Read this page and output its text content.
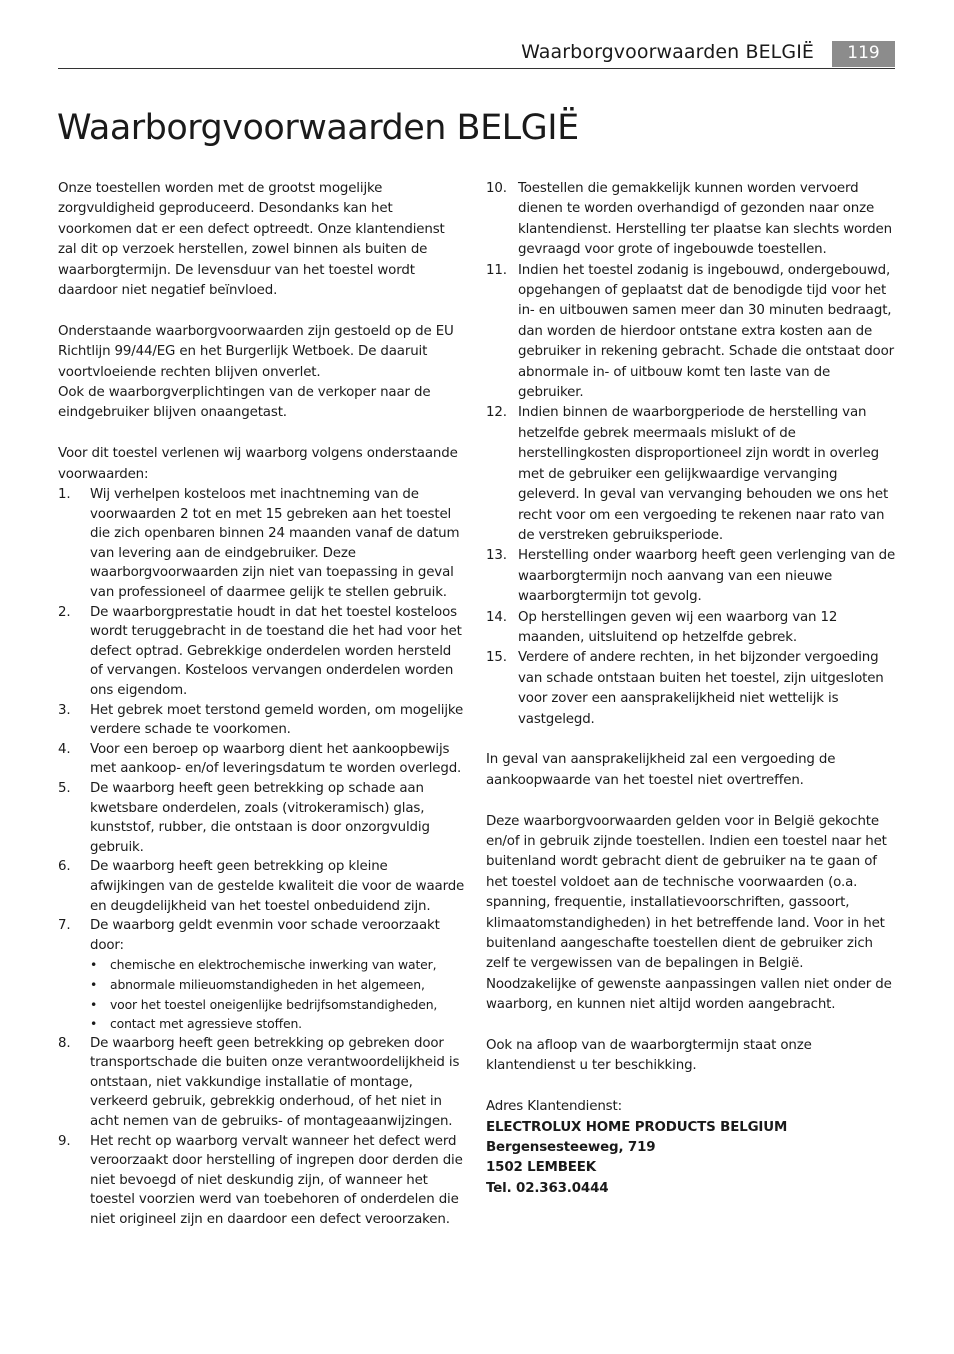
Waarborgvoorwaarden BELGIË	119
Waarborgvoorwaarden BELGIË

Onze toestellen worden met de grootst mogelijke zorgvuldigheid geproduceerd. Desondanks kan het voorkomen dat er een defect optreedt. Onze klantendienst zal dit op verzoek herstellen, zowel binnen als buiten de waarborgtermijn. De levensduur van het toestel wordt daardoor niet negatief beïnvloed.

Onderstaande waarborgvoorwaarden zijn gestoeld op de EU Richtlijn 99/44/EG en het Burgerlijk Wetboek. De daaruit voortvloeiende rechten blijven onverlet.

Ook de waarborgverplichtingen van de verkoper naar de eindgebruiker blijven onaangetast.

Voor dit toestel verlenen wij waarborg volgens onderstaande voorwaarden:

1. Wij verhelpen kosteloos met inachtneming van de voorwaarden 2 tot en met 15 gebreken aan het toestel die zich openbaren binnen 24 maanden vanaf de datum van levering aan de eindgebruiker. Deze waarborgvoorwaarden zijn niet van toepassing in geval van professioneel of daarmee gelijk te stellen gebruik.
2. De waarborgprestatie houdt in dat het toestel kosteloos wordt teruggebracht in de toestand die het had voor het defect optrad. Gebrekkige onderdelen worden hersteld of vervangen. Kosteloos vervangen onderdelen worden ons eigendom.
3. Het gebrek moet terstond gemeld worden, om mogelijke verdere schade te voorkomen.
4. Voor een beroep op waarborg dient het aankoopbewijs met aankoop- en/of leveringsdatum te worden overlegd.
5. De waarborg heeft geen betrekking op schade aan kwetsbare onderdelen, zoals (vitrokeramisch) glas, kunststof, rubber, die ontstaan is door onzorgvuldig gebruik.
6. De waarborg heeft geen betrekking op kleine afwijkingen van de gestelde kwaliteit die voor de waarde en deugdelijkheid van het toestel onbeduidend zijn.
7. De waarborg geldt evenmin voor schade veroorzaakt door:
• chemische en elektrochemische inwerking van water,
• abnormale milieuomstandigheden in het algemeen,
• voor het toestel oneigenlijke bedrijfsomstandigheden,
• contact met agressieve stoffen.
8. De waarborg heeft geen betrekking op gebreken door transportschade die buiten onze verantwoordelijkheid is ontstaan, niet vakkundige installatie of montage, verkeerd gebruik, gebrekkig onderhoud, of het niet in acht nemen van de gebruiks- of montageaanwijzingen.
9. Het recht op waarborg vervalt wanneer het defect werd veroorzaakt door herstelling of ingrepen door derden die niet bevoegd of niet deskundig zijn, of wanneer het toestel voorzien werd van toebehoren of onderdelen die niet origineel zijn en daardoor een defect veroorzaken.
10. Toestellen die gemakkelijk kunnen worden vervoerd dienen te worden overhandigd of gezonden naar onze klantendienst. Herstelling ter plaatse kan slechts worden gevraagd voor grote of ingebouwde toestellen.
11. Indien het toestel zodanig is ingebouwd, ondergebouwd, opgehangen of geplaatst dat de benodigde tijd voor het in- en uitbouwen samen meer dan 30 minuten bedraagt, dan worden de hierdoor ontstane extra kosten aan de gebruiker in rekening gebracht. Schade die ontstaat door abnormale in- of uitbouw komt ten laste van de gebruiker.
12. Indien binnen de waarborgperiode de herstelling van hetzelfde gebrek meermaals mislukt of de herstellingkosten disproportioneel zijn wordt in overleg met de gebruiker een gelijkwaardige vervanging geleverd. In geval van vervanging behouden we ons het recht voor om een vergoeding te rekenen naar rato van de verstreken gebruiksperiode.
13. Herstelling onder waarborg heeft geen verlenging van de waarborgtermijn noch aanvang van een nieuwe waarborgtermijn tot gevolg.
14. Op herstellingen geven wij een waarborg van 12 maanden, uitsluitend op hetzelfde gebrek.
15. Verdere of andere rechten, in het bijzonder vergoeding van schade ontstaan buiten het toestel, zijn uitgesloten voor zover een aansprakelijkheid niet wettelijk is vastgelegd.

In geval van aansprakelijkheid zal een vergoeding de aankoopwaarde van het toestel niet overtreffen.

Deze waarborgvoorwaarden gelden voor in België gekochte en/of in gebruik zijnde toestellen. Indien een toestel naar het buitenland wordt gebracht dient de gebruiker na te gaan of het toestel voldoet aan de technische voorwaarden (o.a. spanning, frequentie, installatievoorschriften, gassoort, klimaatomstandigheden) in het betreffende land. Voor in het buitenland aangeschafte toestellen dient de gebruiker zich zelf te vergewissen van de bepalingen in België. Noodzakelijke of gewenste aanpassingen vallen niet onder de waarborg, en kunnen niet altijd worden aangebracht.

Ook na afloop van de waarborgtermijn staat onze klantendienst u ter beschikking.

Adres Klantendienst:

ELECTROLUX HOME PRODUCTS BELGIUM

Bergensesteeweg, 719

1502 LEMBEEK

Tel. 02.363.0444
